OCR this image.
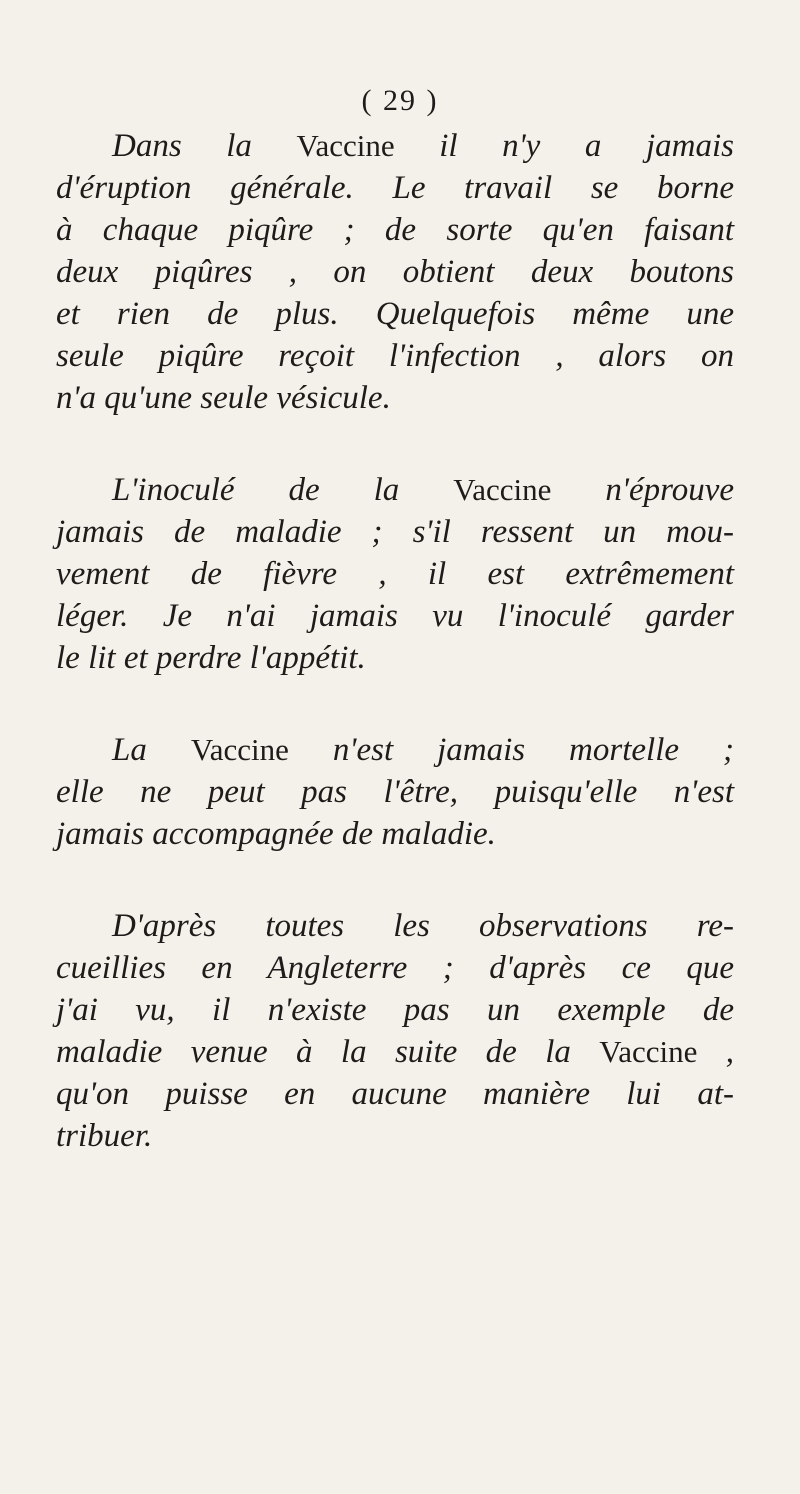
( 29 )
Dans la Vaccine il n'y a jamais
d'éruption générale. Le travail se borne
à chaque piqûre ; de sorte qu'en faisant
deux piqûres , on obtient deux boutons
et rien de plus. Quelquefois même une
seule piqûre reçoit l'infection , alors on
n'a qu'une seule vésicule.
L'inoculé de la Vaccine n'éprouve
jamais de maladie ; s'il ressent un mou-
vement de fièvre , il est extrêmement
léger. Je n'ai jamais vu l'inoculé garder
le lit et perdre l'appétit.
La Vaccine n'est jamais mortelle ;
elle ne peut pas l'être, puisqu'elle n'est
jamais accompagnée de maladie.
D'après toutes les observations re-
cueillies en Angleterre ; d'après ce que
j'ai vu, il n'existe pas un exemple de
maladie venue à la suite de la Vaccine ,
qu'on puisse en aucune manière lui at-
tribuer.
